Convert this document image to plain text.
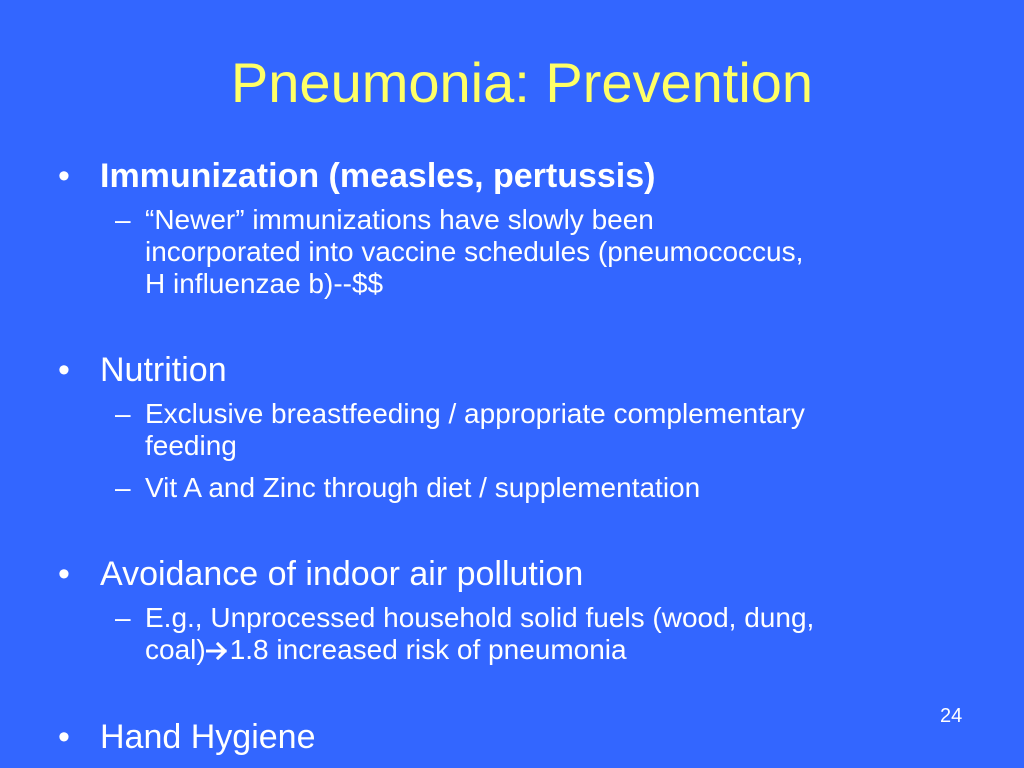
Pneumonia: Prevention
• Immunization (measles, pertussis)
– “Newer” immunizations have slowly been
incorporated into vaccine schedules (pneumococcus,
H influenzae b)--$$
• Nutrition
– Exclusive breastfeeding / appropriate complementary
feeding
– Vit A and Zinc through diet / supplementation
• Avoidance of indoor air pollution
– E.g., Unprocessed household solid fuels (wood, dung,
coal) 1.8 increased risk of pneumonia
• Hand Hygiene
24
